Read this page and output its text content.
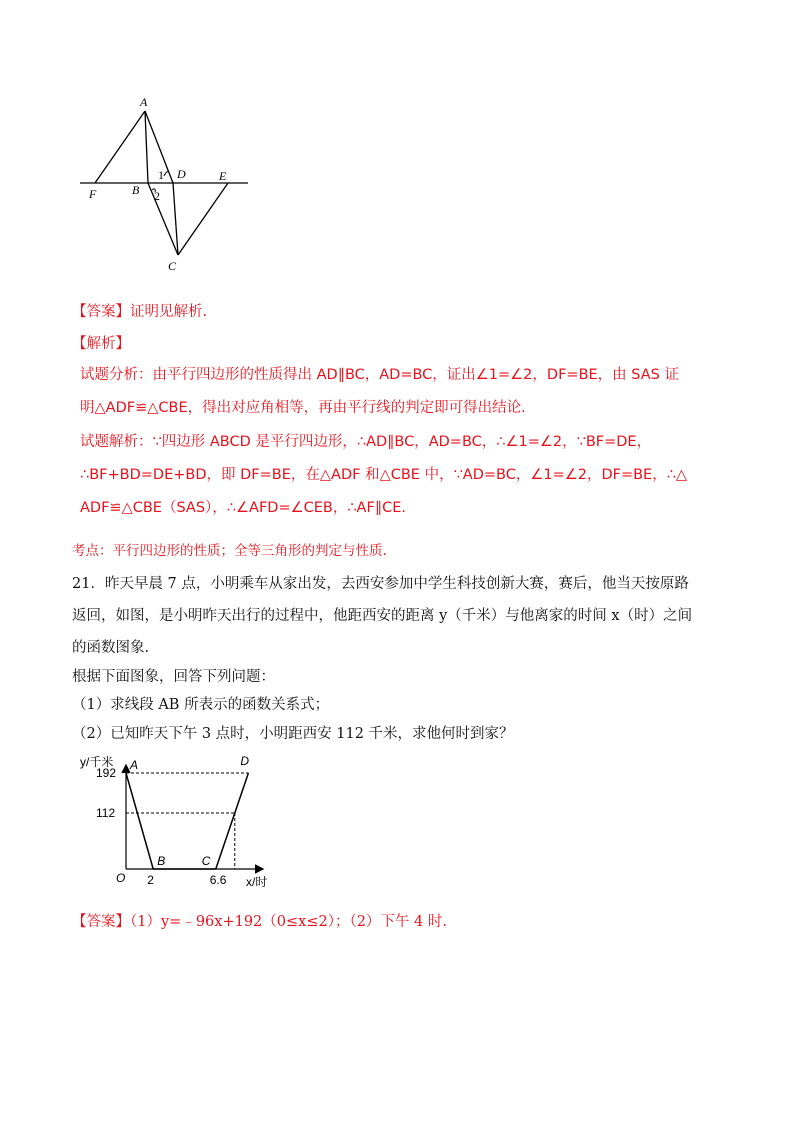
A
F	B 2
1 D	E
C
【答案】证明见解析.
【解析】
试题分析：由平行四边形的性质得出 AD∥BC，AD=BC，证出∠1=∠2，DF=BE，由 SAS 证
明△ADF≌△CBE，得出对应角相等，再由平行线的判定即可得出结论.
试题解析：∵四边形 ABCD 是平行四边形，∴AD∥BC，AD=BC，∴∠1=∠2，∵BF=DE，
∴BF+BD=DE+BD，即 DF=BE，在△ADF 和△CBE 中，∵AD=BC，∠1=∠2，DF=BE，∴△
ADF≌△CBE（SAS），∴∠AFD=∠CEB，∴AF∥CE.
考点：平行四边形的性质；全等三角形的判定与性质.
21．昨天早晨 7 点，小明乘车从家出发，去西安参加中学生科技创新大赛，赛后，他当天按原路
返回，如图，是小明昨天出行的过程中，他距西安的距离 y（千米）与他离家的时间 x（时）之间
的函数图象.
根据下面图象，回答下列问题：
（1）求线段 AB 所表示的函数关系式；
（2）已知昨天下午 3 点时，小明距西安 112 千米，求他何时到家？
y/千米
x/时
O
192
112
2	6.6
A
B	C
D
【答案】（1）y=﹣96x+192（0≤x≤2）；（2）下午 4 时.
